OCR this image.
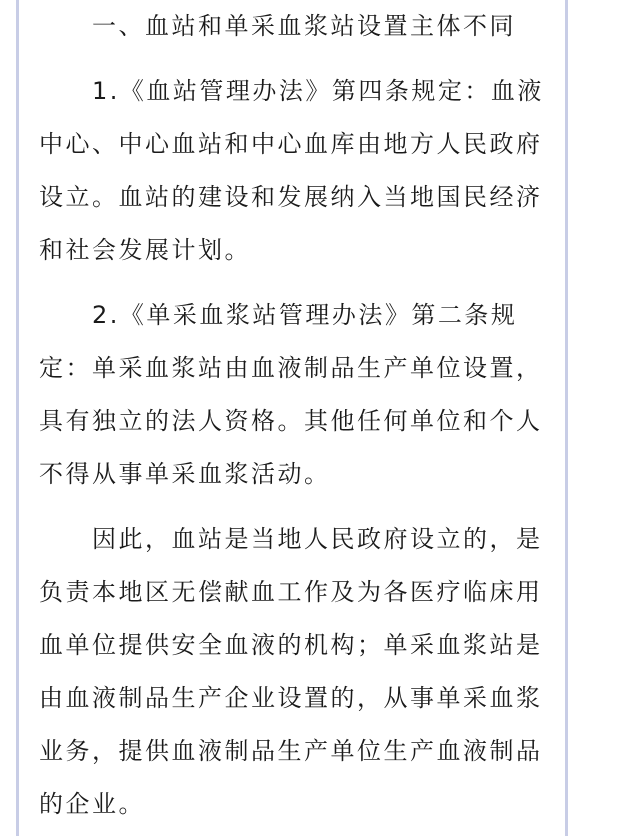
一、血站和单采血浆站设置主体不同

1.《血站管理办法》第四条规定：血液中心、中心血站和中心血库由地方人民政府设立。血站的建设和发展纳入当地国民经济和社会发展计划。

2.《单采血浆站管理办法》第二条规定：单采血浆站由血液制品生产单位设置，具有独立的法人资格。其他任何单位和个人不得从事单采血浆活动。

因此，血站是当地人民政府设立的，是负责本地区无偿献血工作及为各医疗临床用血单位提供安全血液的机构；单采血浆站是由血液制品生产企业设置的，从事单采血浆业务，提供血液制品生产单位生产血液制品的企业。
